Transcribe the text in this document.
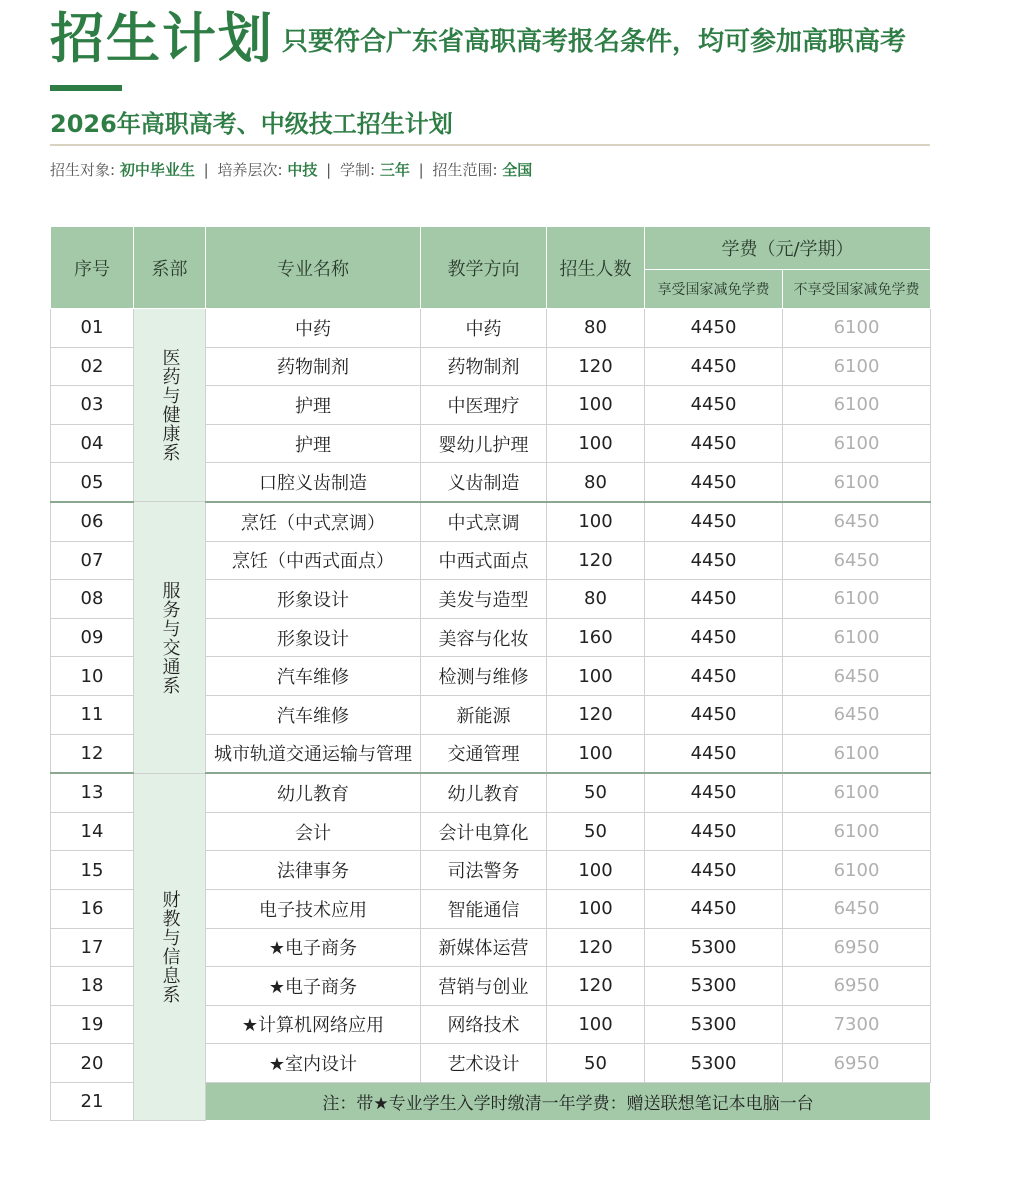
招生计划 只要符合广东省高职高考报名条件，均可参加高职高考
2026年高职高考、中级技工招生计划
招生对象: 初中毕业生 | 培养层次: 中技 | 学制: 三年 | 招生范围: 全国
序号	系部	专业名称	教学方向	招生人数	学费（元/学期）	
					享受国家减免学费	不享受国家减免学费
01	医药与健康系	中药	中药	80	4450	6100
02		药物制剂	药物制剂	120	4450	6100
03		护理	中医理疗	100	4450	6100
04		护理	婴幼儿护理	100	4450	6100
05		口腔义齿制造	义齿制造	80	4450	6100
06	服务与交通系	烹饪（中式烹调）	中式烹调	100	4450	6450
07		烹饪（中西式面点）	中西式面点	120	4450	6450
08		形象设计	美发与造型	80	4450	6100
09		形象设计	美容与化妆	160	4450	6100
10		汽车维修	检测与维修	100	4450	6450
11		汽车维修	新能源	120	4450	6450
12		城市轨道交通运输与管理	交通管理	100	4450	6100
13	财教与信息系	幼儿教育	幼儿教育	50	4450	6100
14		会计	会计电算化	50	4450	6100
15		法律事务	司法警务	100	4450	6100
16		电子技术应用	智能通信	100	4450	6450
17		★电子商务	新媒体运营	120	5300	6950
18		★电子商务	营销与创业	120	5300	6950
19		★计算机网络应用	网络技术	100	5300	7300
20		★室内设计	艺术设计	50	5300	6950
21		注：带★专业学生入学时缴清一年学费：赠送联想笔记本电脑一台				
